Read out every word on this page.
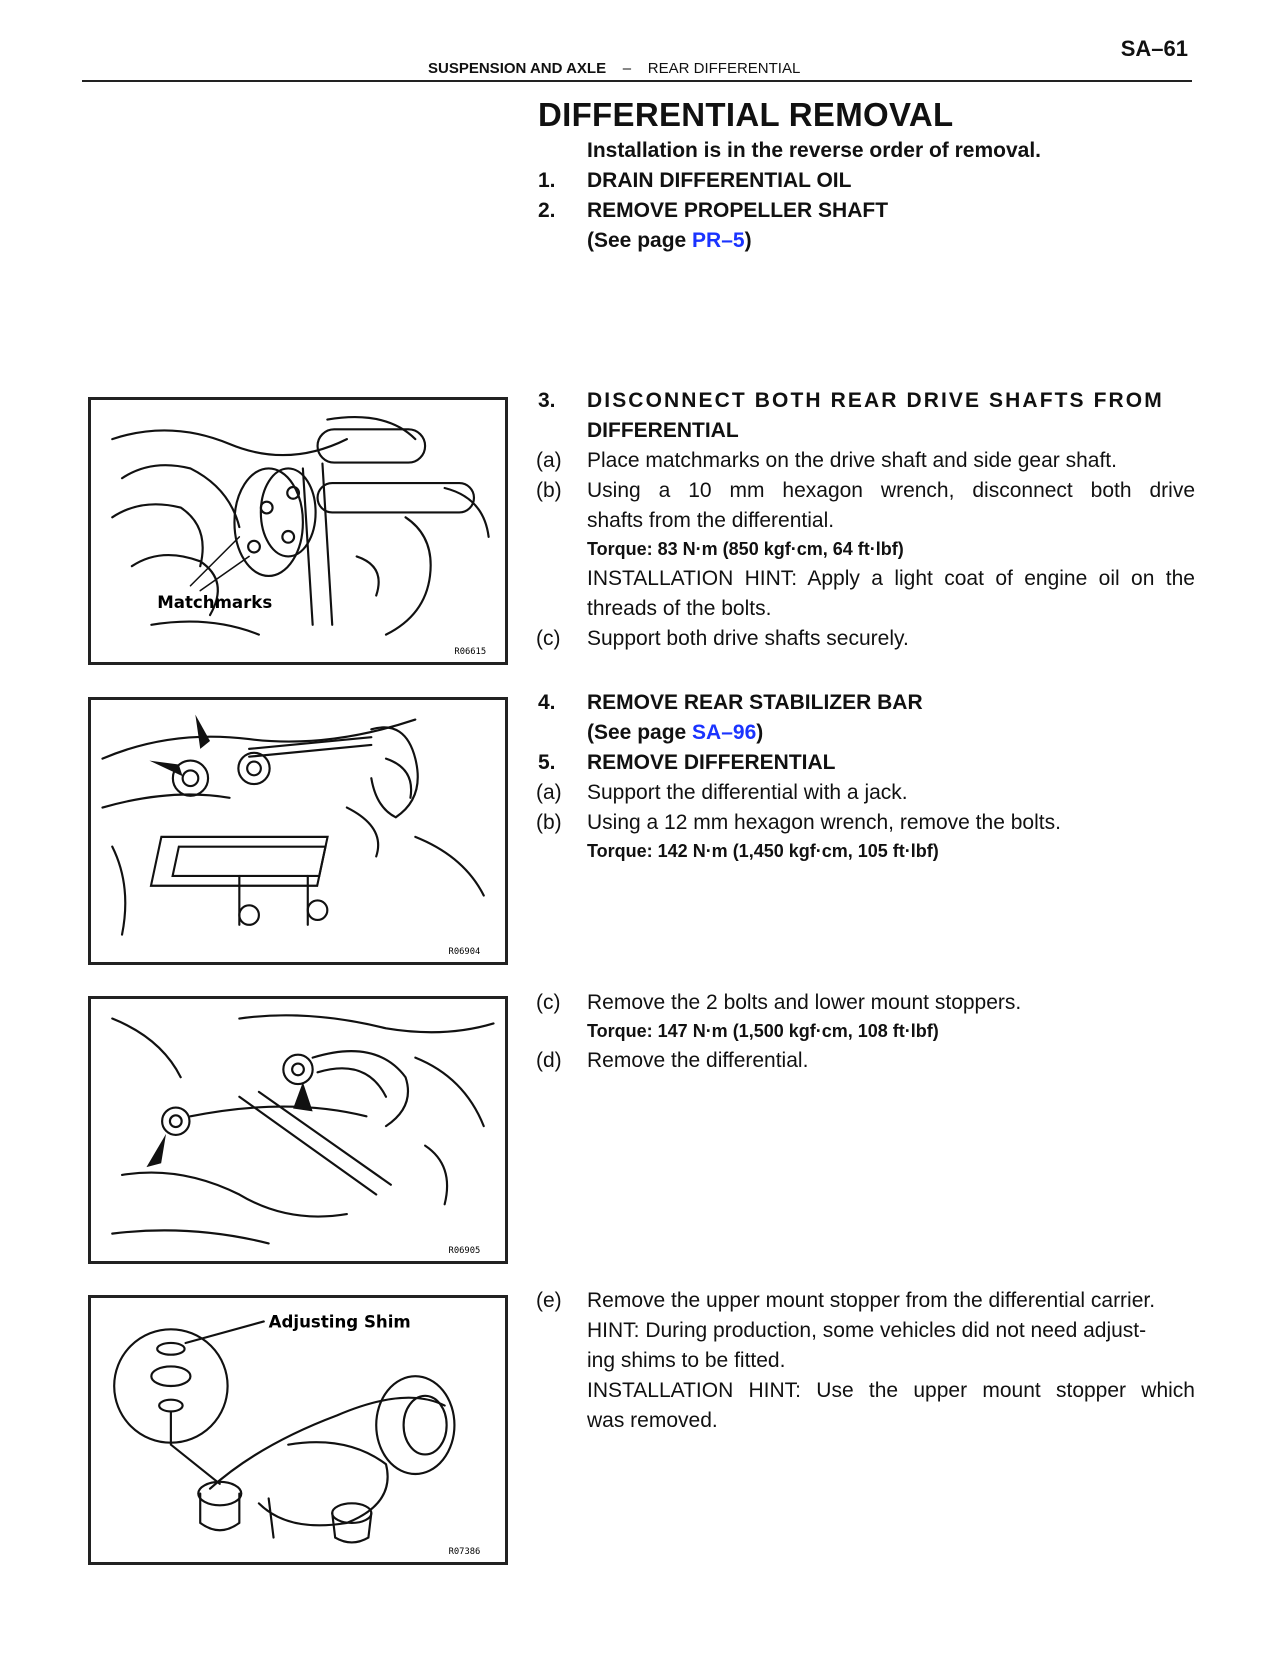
SA–61
SUSPENSION AND AXLE – REAR DIFFERENTIAL
DIFFERENTIAL REMOVAL
Installation is in the reverse order of removal.
1. DRAIN DIFFERENTIAL OIL
2. REMOVE PROPELLER SHAFT
(See page PR–5)
3. DISCONNECT BOTH REAR DRIVE SHAFTS FROM
DIFFERENTIAL
(a) Place matchmarks on the drive shaft and side gear shaft.
(b) Using a 10 mm hexagon wrench, disconnect both drive
shafts from the differential.
Torque: 83 N·m (850 kgf·cm, 64 ft·lbf)
INSTALLATION HINT: Apply a light coat of engine oil on the
threads of the bolts.
(c) Support both drive shafts securely.
4. REMOVE REAR STABILIZER BAR
(See page SA–96)
5. REMOVE DIFFERENTIAL
(a) Support the differential with a jack.
(b) Using a 12 mm hexagon wrench, remove the bolts.
Torque: 142 N·m (1,450 kgf·cm, 105 ft·lbf)
(c) Remove the 2 bolts and lower mount stoppers.
Torque: 147 N·m (1,500 kgf·cm, 108 ft·lbf)
(d) Remove the differential.
(e) Remove the upper mount stopper from the differential carrier.
HINT: During production, some vehicles did not need adjust-
ing shims to be fitted.
INSTALLATION HINT: Use the upper mount stopper which
was removed.
Matchmarks
R06615
R06904
R06905
Adjusting Shim
R07386
